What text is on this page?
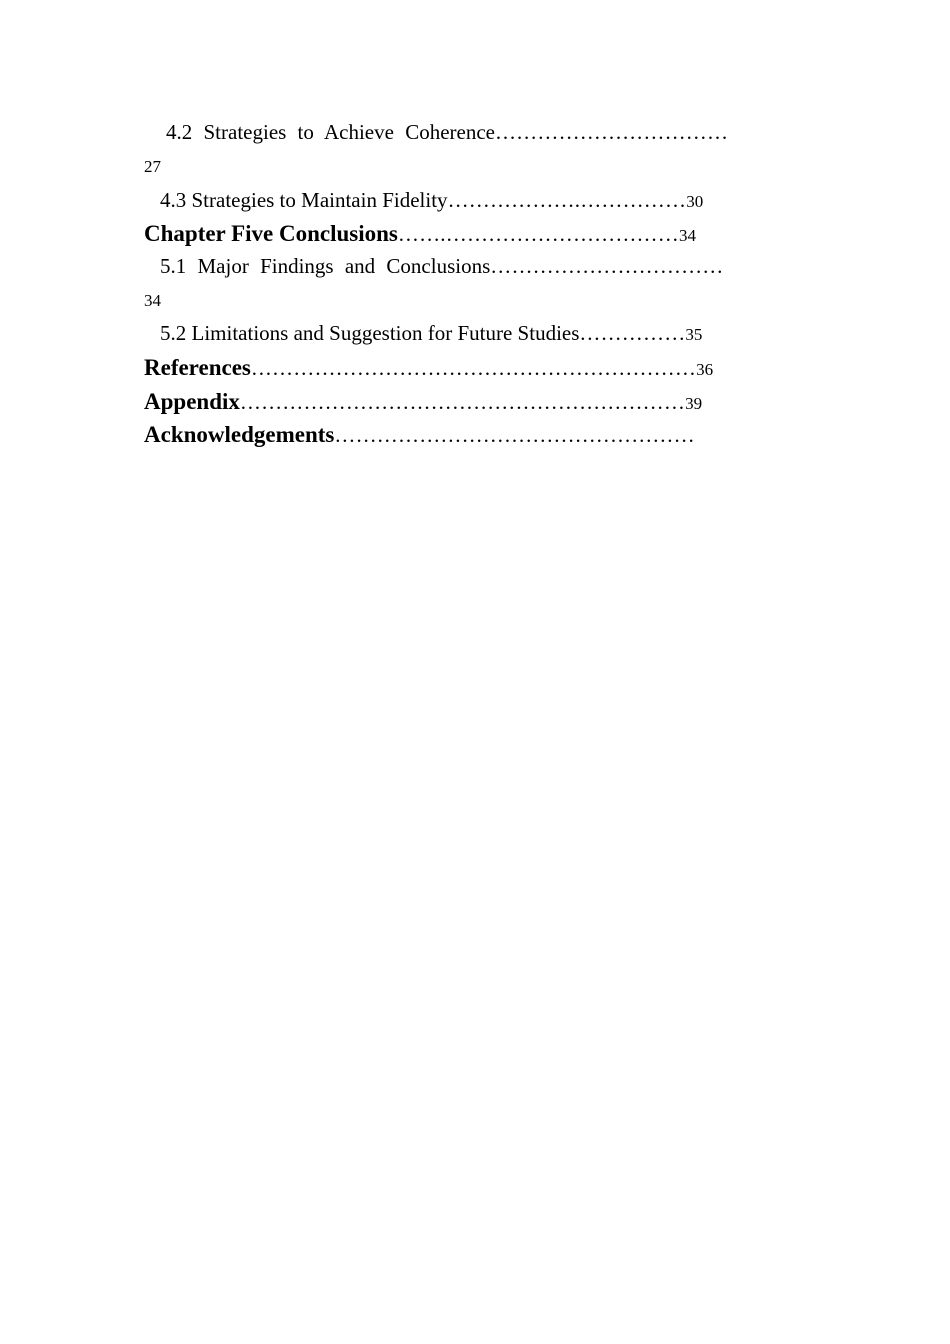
4.2 Strategies to Achieve Coherence……………………………
27
4.3 Strategies to Maintain Fidelity……………….……………30
Chapter Five Conclusions…….……………………………34
5.1 Major Findings and Conclusions……………………………
34
5.2 Limitations and Suggestion for Future Studies……………35
References………………………………………………………36
Appendix………………………………………………………39
Acknowledgements……………………………………………
